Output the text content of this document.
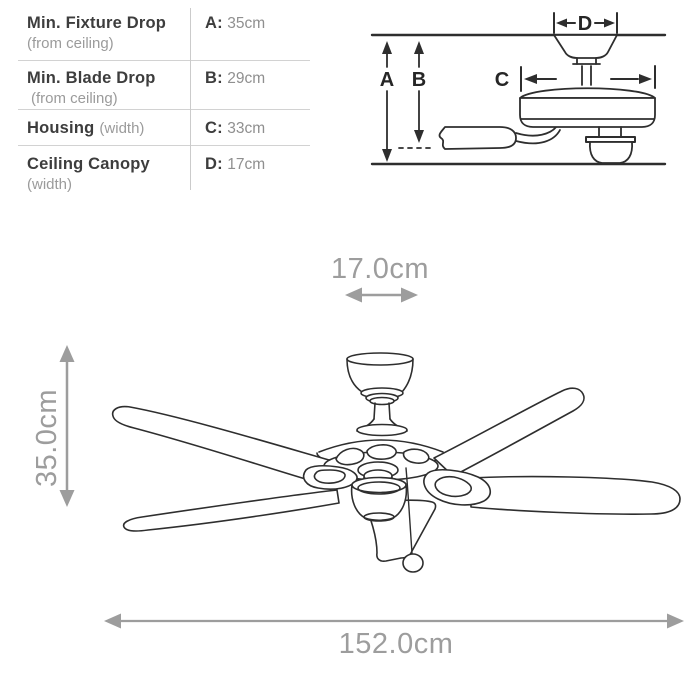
Min. Fixture Drop
(from ceiling)
A: 35cm
Min. Blade Drop
(from ceiling)
B: 29cm
Housing (width)	C: 33cm
Ceiling Canopy
(width)
D: 17cm
D
A B	C
17.0cm
35.0cm
152.0cm
